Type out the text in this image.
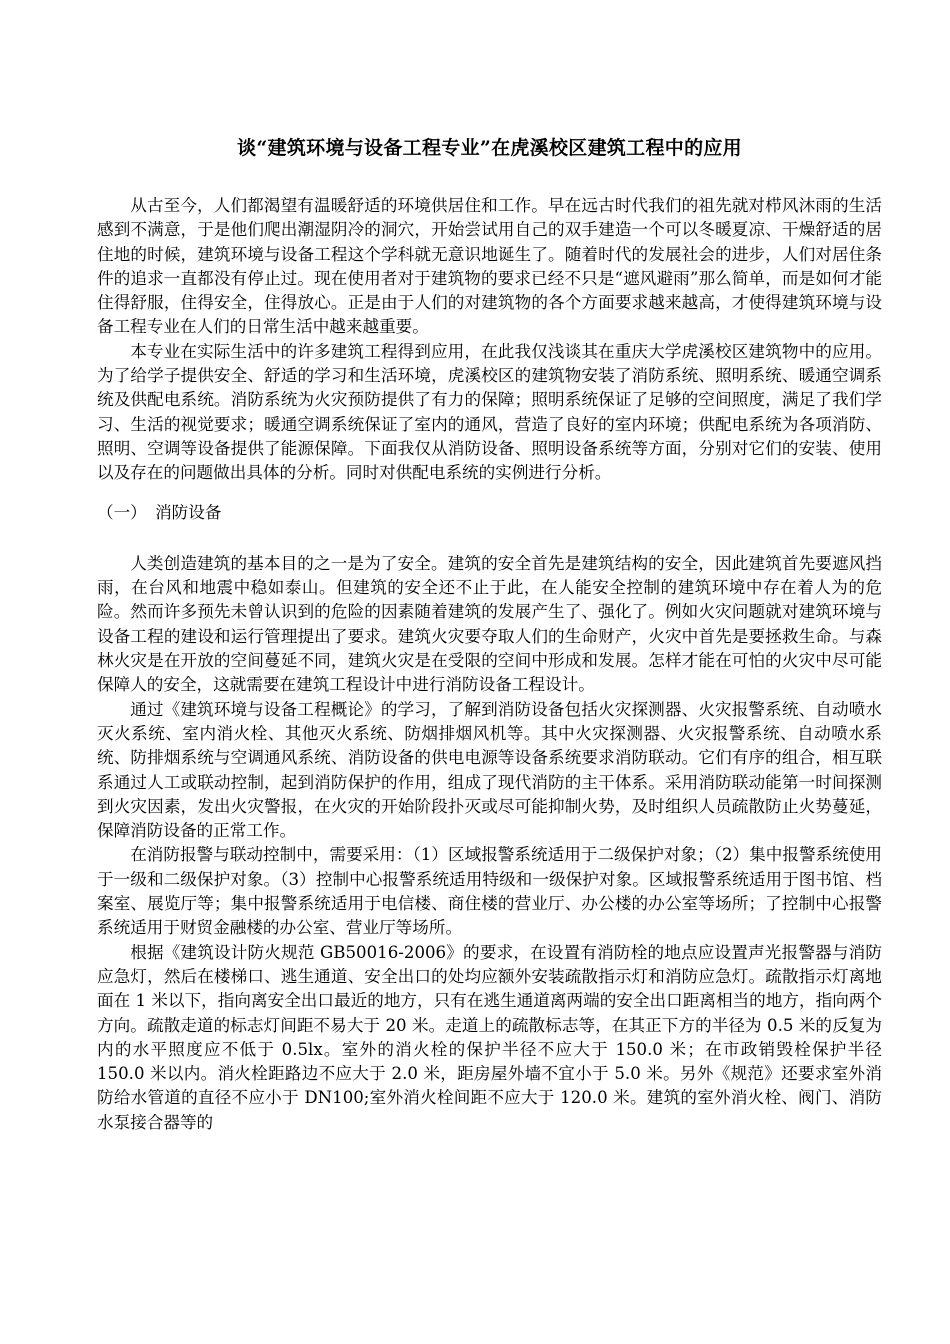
谈“建筑环境与设备工程专业”在虎溪校区建筑工程中的应用

从古至今，人们都渴望有温暖舒适的环境供居住和工作。早在远古时代我们的祖先就对栉风沐雨的生活感到不满意，于是他们爬出潮湿阴冷的洞穴，开始尝试用自己的双手建造一个可以冬暖夏凉、干燥舒适的居住地的时候，建筑环境与设备工程这个学科就无意识地诞生了。随着时代的发展社会的进步，人们对居住条件的追求一直都没有停止过。现在使用者对于建筑物的要求已经不只是“遮风避雨”那么简单，而是如何才能住得舒服，住得安全，住得放心。正是由于人们的对建筑物的各个方面要求越来越高，才使得建筑环境与设备工程专业在人们的日常生活中越来越重要。

本专业在实际生活中的许多建筑工程得到应用，在此我仅浅谈其在重庆大学虎溪校区建筑物中的应用。为了给学子提供安全、舒适的学习和生活环境，虎溪校区的建筑物安装了消防系统、照明系统、暖通空调系统及供配电系统。消防系统为火灾预防提供了有力的保障；照明系统保证了足够的空间照度，满足了我们学习、生活的视觉要求；暖通空调系统保证了室内的通风，营造了良好的室内环境；供配电系统为各项消防、照明、空调等设备提供了能源保障。下面我仅从消防设备、照明设备系统等方面，分别对它们的安装、使用以及存在的问题做出具体的分析。同时对供配电系统的实例进行分析。

（一）　消防设备

人类创造建筑的基本目的之一是为了安全。建筑的安全首先是建筑结构的安全，因此建筑首先要遮风挡雨，在台风和地震中稳如泰山。但建筑的安全还不止于此，在人能安全控制的建筑环境中存在着人为的危险。然而许多预先未曾认识到的危险的因素随着建筑的发展产生了、强化了。例如火灾问题就对建筑环境与设备工程的建设和运行管理提出了要求。建筑火灾要夺取人们的生命财产，火灾中首先是要拯救生命。与森林火灾是在开放的空间蔓延不同，建筑火灾是在受限的空间中形成和发展。怎样才能在可怕的火灾中尽可能保障人的安全，这就需要在建筑工程设计中进行消防设备工程设计。

通过《建筑环境与设备工程概论》的学习，了解到消防设备包括火灾探测器、火灾报警系统、自动喷水灭火系统、室内消火栓、其他灭火系统、防烟排烟风机等。其中火灾探测器、火灾报警系统、自动喷水系统、防排烟系统与空调通风系统、消防设备的供电电源等设备系统要求消防联动。它们有序的组合，相互联系通过人工或联动控制，起到消防保护的作用，组成了现代消防的主干体系。采用消防联动能第一时间探测到火灾因素，发出火灾警报，在火灾的开始阶段扑灭或尽可能抑制火势，及时组织人员疏散防止火势蔓延，保障消防设备的正常工作。

在消防报警与联动控制中，需要采用：（1）区域报警系统适用于二级保护对象；（2）集中报警系统使用于一级和二级保护对象。（3）控制中心报警系统适用特级和一级保护对象。区域报警系统适用于图书馆、档案室、展览厅等；集中报警系统适用于电信楼、商住楼的营业厅、办公楼的办公室等场所；了控制中心报警系统适用于财贸金融楼的办公室、营业厅等场所。

根据《建筑设计防火规范 GB50016-2006》的要求，在设置有消防栓的地点应设置声光报警器与消防应急灯，然后在楼梯口、逃生通道、安全出口的处均应额外安装疏散指示灯和消防应急灯。疏散指示灯离地面在 1 米以下，指向离安全出口最近的地方，只有在逃生通道离两端的安全出口距离相当的地方，指向两个方向。疏散走道的标志灯间距不易大于 20 米。走道上的疏散标志等，在其正下方的半径为 0.5 米的反复为内的水平照度应不低于 0.5lx。室外的消火栓的保护半径不应大于 150.0 米；在市政销毁栓保护半径 150.0 米以内。消火栓距路边不应大于 2.0 米，距房屋外墙不宜小于 5.0 米。另外《规范》还要求室外消防给水管道的直径不应小于 DN100;室外消火栓间距不应大于 120.0 米。建筑的室外消火栓、阀门、消防水泵接合器等的
